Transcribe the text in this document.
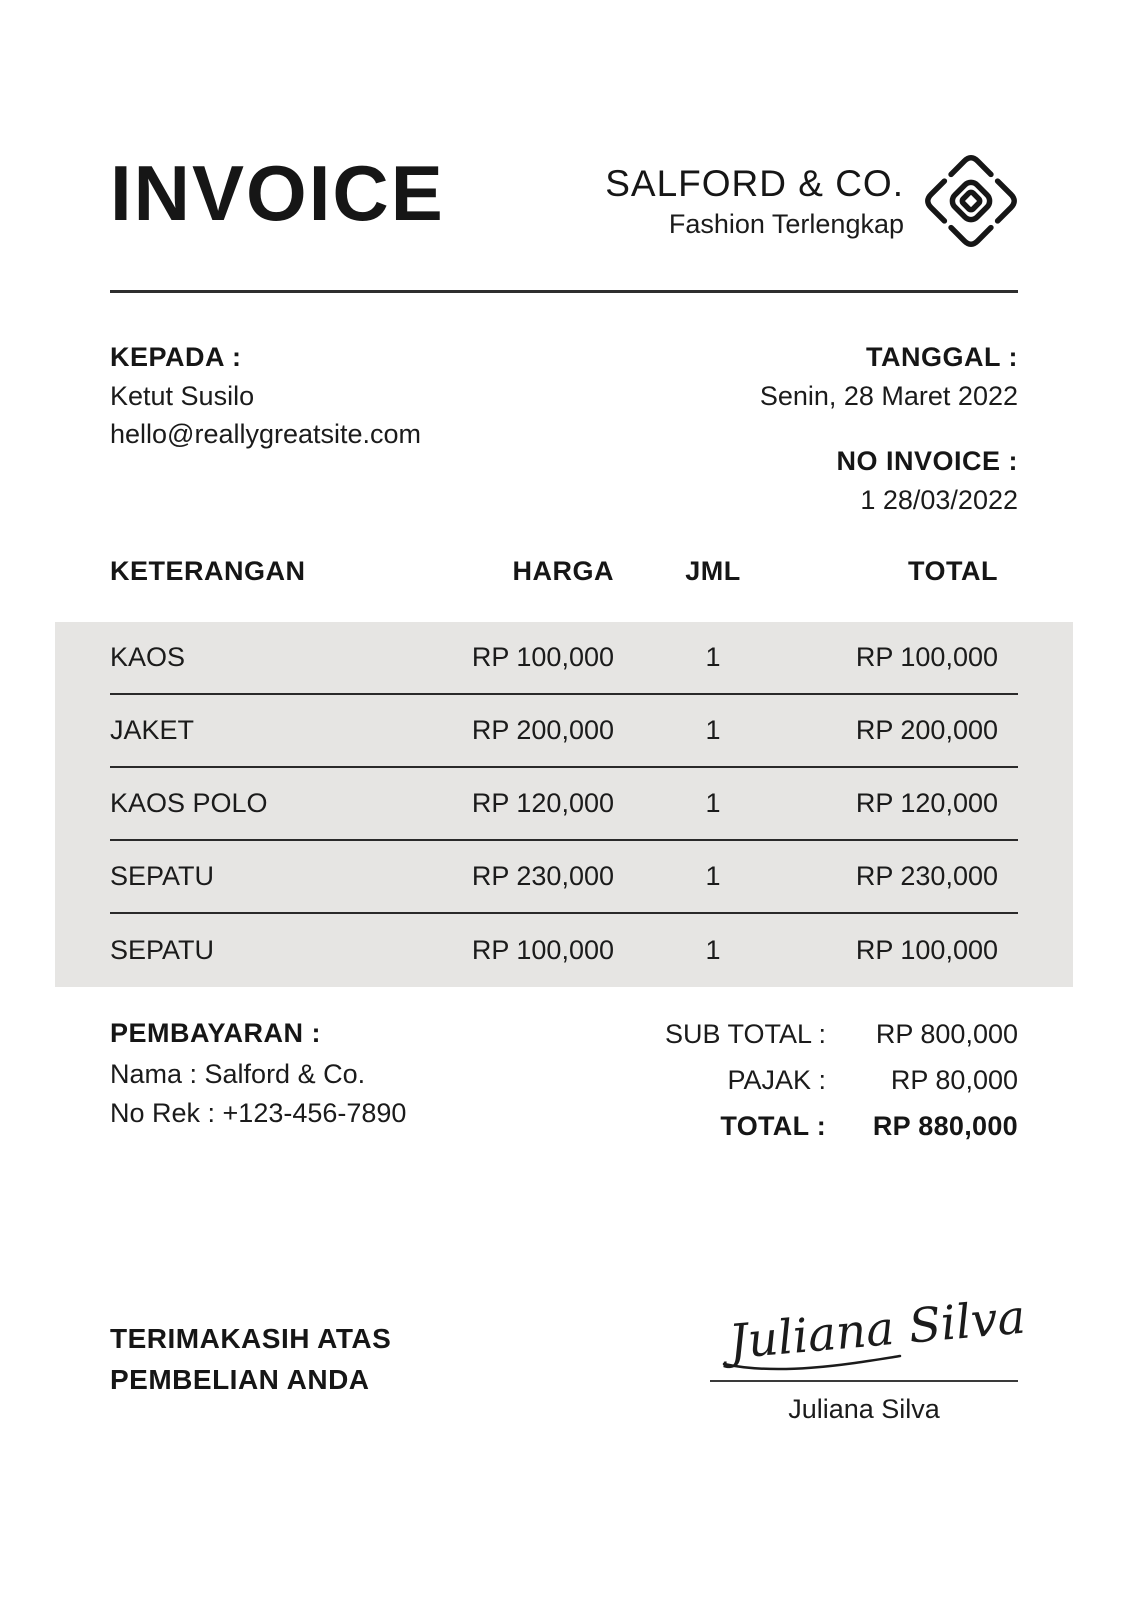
INVOICE	SALFORD & CO.
Fashion Terlengkap
KEPADA :
Ketut Susilo
hello@reallygreatsite.com
TANGGAL :
Senin, 28 Maret 2022
NO INVOICE :
1 28/03/2022
KETERANGAN	HARGA	JML	TOTAL
KAOS	RP 100,000	1	RP 100,000
JAKET	RP 200,000	1	RP 200,000
KAOS POLO	RP 120,000	1	RP 120,000
SEPATU	RP 230,000	1	RP 230,000
SEPATU	RP 100,000	1	RP 100,000
PEMBAYARAN :
Nama : Salford & Co.
No Rek : +123-456-7890
SUB TOTAL :	RP 800,000
PAJAK :	RP 80,000
TOTAL :	RP 880,000
TERIMAKASIH ATAS
PEMBELIAN ANDA
Juliana Silva
Juliana Silva
